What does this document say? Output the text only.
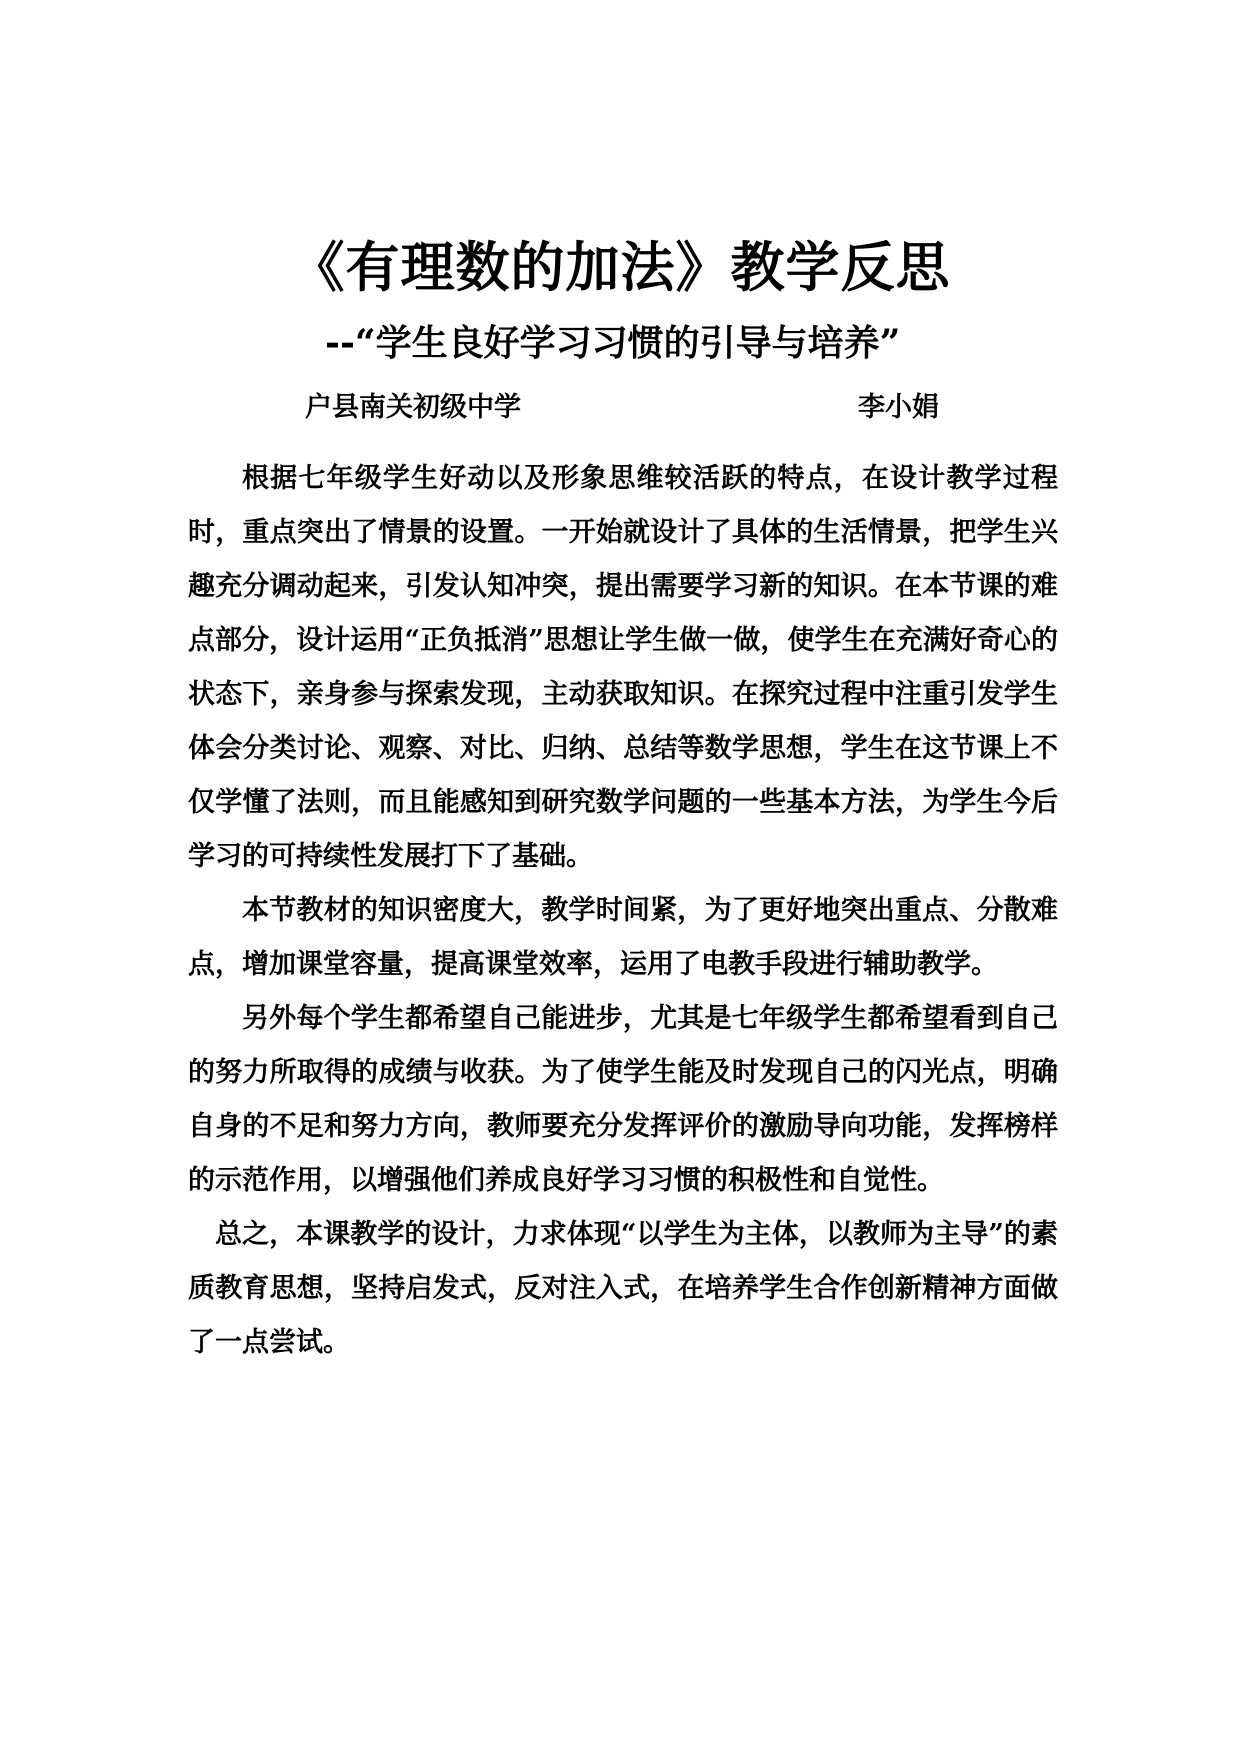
《有理数的加法》教学反思
--“学生良好学习习惯的引导与培养”
户县南关初级中学	李小娟

根据七年级学生好动以及形象思维较活跃的特点，在设计教学过程时，重点突出了情景的设置。一开始就设计了具体的生活情景，把学生兴趣充分调动起来，引发认知冲突，提出需要学习新的知识。在本节课的难点部分，设计运用“正负抵消”思想让学生做一做，使学生在充满好奇心的状态下，亲身参与探索发现，主动获取知识。在探究过程中注重引发学生体会分类讨论、观察、对比、归纳、总结等数学思想，学生在这节课上不仅学懂了法则，而且能感知到研究数学问题的一些基本方法，为学生今后学习的可持续性发展打下了基础。

本节教材的知识密度大，教学时间紧，为了更好地突出重点、分散难点，增加课堂容量，提高课堂效率，运用了电教手段进行辅助教学。

另外每个学生都希望自己能进步，尤其是七年级学生都希望看到自己的努力所取得的成绩与收获。为了使学生能及时发现自己的闪光点，明确自身的不足和努力方向，教师要充分发挥评价的激励导向功能，发挥榜样的示范作用，以增强他们养成良好学习习惯的积极性和自觉性。

总之，本课教学的设计，力求体现“以学生为主体，以教师为主导”的素质教育思想，坚持启发式，反对注入式，在培养学生合作创新精神方面做了一点尝试。
